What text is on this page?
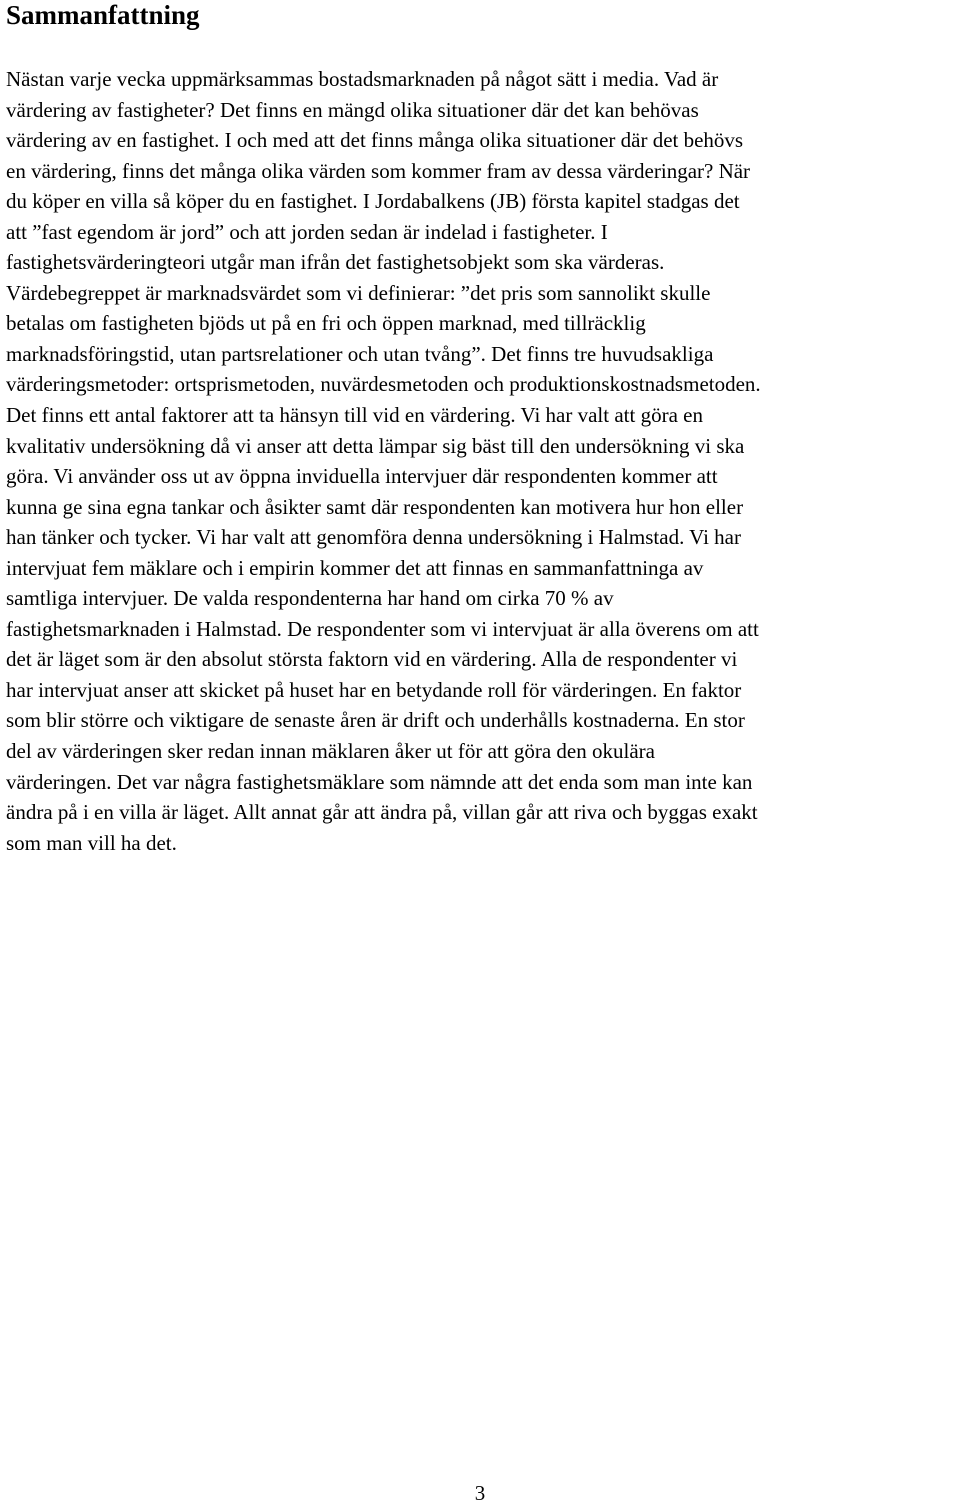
Sammanfattning
Nästan varje vecka uppmärksammas bostadsmarknaden på något sätt i media. Vad är
värdering av fastigheter? Det finns en mängd olika situationer där det kan behövas
värdering av en fastighet. I och med att det finns många olika situationer där det behövs
en värdering, finns det många olika värden som kommer fram av dessa värderingar? När
du köper en villa så köper du en fastighet. I Jordabalkens (JB) första kapitel stadgas det
att ”fast egendom är jord” och att jorden sedan är indelad i fastigheter. I
fastighetsvärderingteori utgår man ifrån det fastighetsobjekt som ska värderas.
Värdebegreppet är marknadsvärdet som vi definierar: ”det pris som sannolikt skulle
betalas om fastigheten bjöds ut på en fri och öppen marknad, med tillräcklig
marknadsföringstid, utan partsrelationer och utan tvång”. Det finns tre huvudsakliga
värderingsmetoder: ortsprismetoden, nuvärdesmetoden och produktionskostnadsmetoden.
Det finns ett antal faktorer att ta hänsyn till vid en värdering. Vi har valt att göra en
kvalitativ undersökning då vi anser att detta lämpar sig bäst till den undersökning vi ska
göra. Vi använder oss ut av öppna inviduella intervjuer där respondenten kommer att
kunna ge sina egna tankar och åsikter samt där respondenten kan motivera hur hon eller
han tänker och tycker. Vi har valt att genomföra denna undersökning i Halmstad. Vi har
intervjuat fem mäklare och i empirin kommer det att finnas en sammanfattninga av
samtliga intervjuer. De valda respondenterna har hand om cirka 70 % av
fastighetsmarknaden i Halmstad. De respondenter som vi intervjuat är alla överens om att
det är läget som är den absolut största faktorn vid en värdering. Alla de respondenter vi
har intervjuat anser att skicket på huset har en betydande roll för värderingen. En faktor
som blir större och viktigare de senaste åren är drift och underhålls kostnaderna. En stor
del av värderingen sker redan innan mäklaren åker ut för att göra den okulära
värderingen. Det var några fastighetsmäklare som nämnde att det enda som man inte kan
ändra på i en villa är läget. Allt annat går att ändra på, villan går att riva och byggas exakt
som man vill ha det.
3
